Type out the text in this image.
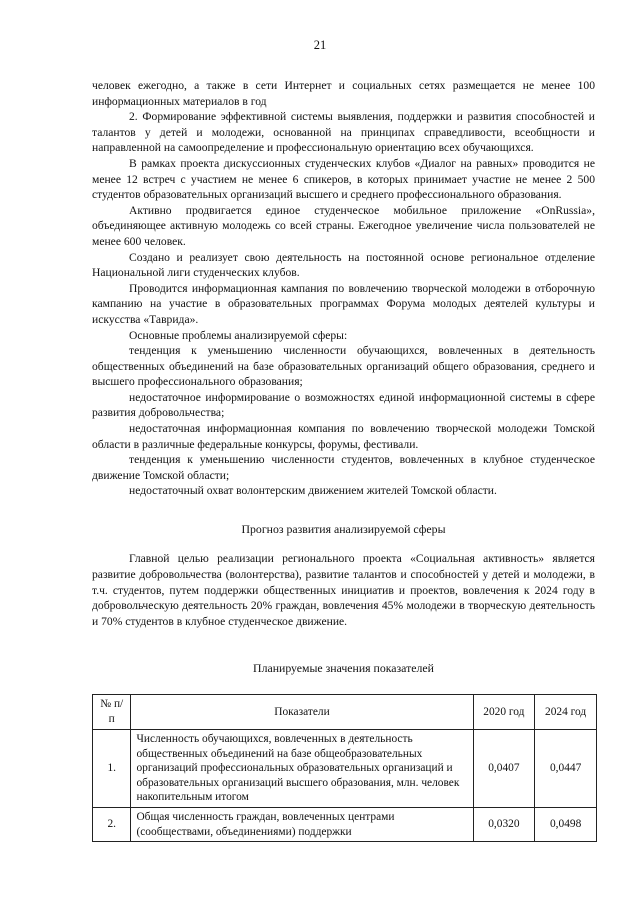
21

человек ежегодно, а также в сети Интернет и социальных сетях размещается не менее 100 информационных материалов в год

2. Формирование эффективной системы выявления, поддержки и развития способностей и талантов у детей и молодежи, основанной на принципах справедливости, всеобщности и направленной на самоопределение и профессиональную ориентацию всех обучающихся.

В рамках проекта дискуссионных студенческих клубов «Диалог на равных» проводится не менее 12 встреч с участием не менее 6 спикеров, в которых принимает участие не менее 2 500 студентов образовательных организаций высшего и среднего профессионального образования.

Активно продвигается единое студенческое мобильное приложение «OnRussia», объединяющее активную молодежь со всей страны. Ежегодное увеличение числа пользователей не менее 600 человек.

Создано и реализует свою деятельность на постоянной основе региональное отделение Национальной лиги студенческих клубов.

Проводится информационная кампания по вовлечению творческой молодежи в отборочную кампанию на участие в образовательных программах Форума молодых деятелей культуры и искусства «Таврида».

Основные проблемы анализируемой сферы:

тенденция к уменьшению численности обучающихся, вовлеченных в деятельность общественных объединений на базе образовательных организаций общего образования, среднего и высшего профессионального образования;

недостаточное информирование о возможностях единой информационной системы в сфере развития добровольчества;

недостаточная информационная компания по вовлечению творческой молодежи Томской области в различные федеральные конкурсы, форумы, фестивали.

тенденция к уменьшению численности студентов, вовлеченных в клубное студенческое движение Томской области;

недостаточный охват волонтерским движением жителей Томской области.

Прогноз развития анализируемой сферы

Главной целью реализации регионального проекта «Социальная активность» является развитие добровольчества (волонтерства), развитие талантов и способностей у детей и молодежи, в т.ч. студентов, путем поддержки общественных инициатив и проектов, вовлечения к 2024 году в добровольческую деятельность 20% граждан, вовлечения 45% молодежи в творческую деятельность и 70% студентов в клубное студенческое движение.

Планируемые значения показателей
№ п/п	Показатели	2020 год	2024 год
1.	Численность обучающихся, вовлеченных в деятельность общественных объединений на базе общеобразовательных организаций профессиональных образовательных организаций и образовательных организаций высшего образования, млн. человек накопительным итогом	0,0407	0,0447
2.	Общая численность граждан, вовлеченных центрами (сообществами, объединениями) поддержки	0,0320	0,0498
